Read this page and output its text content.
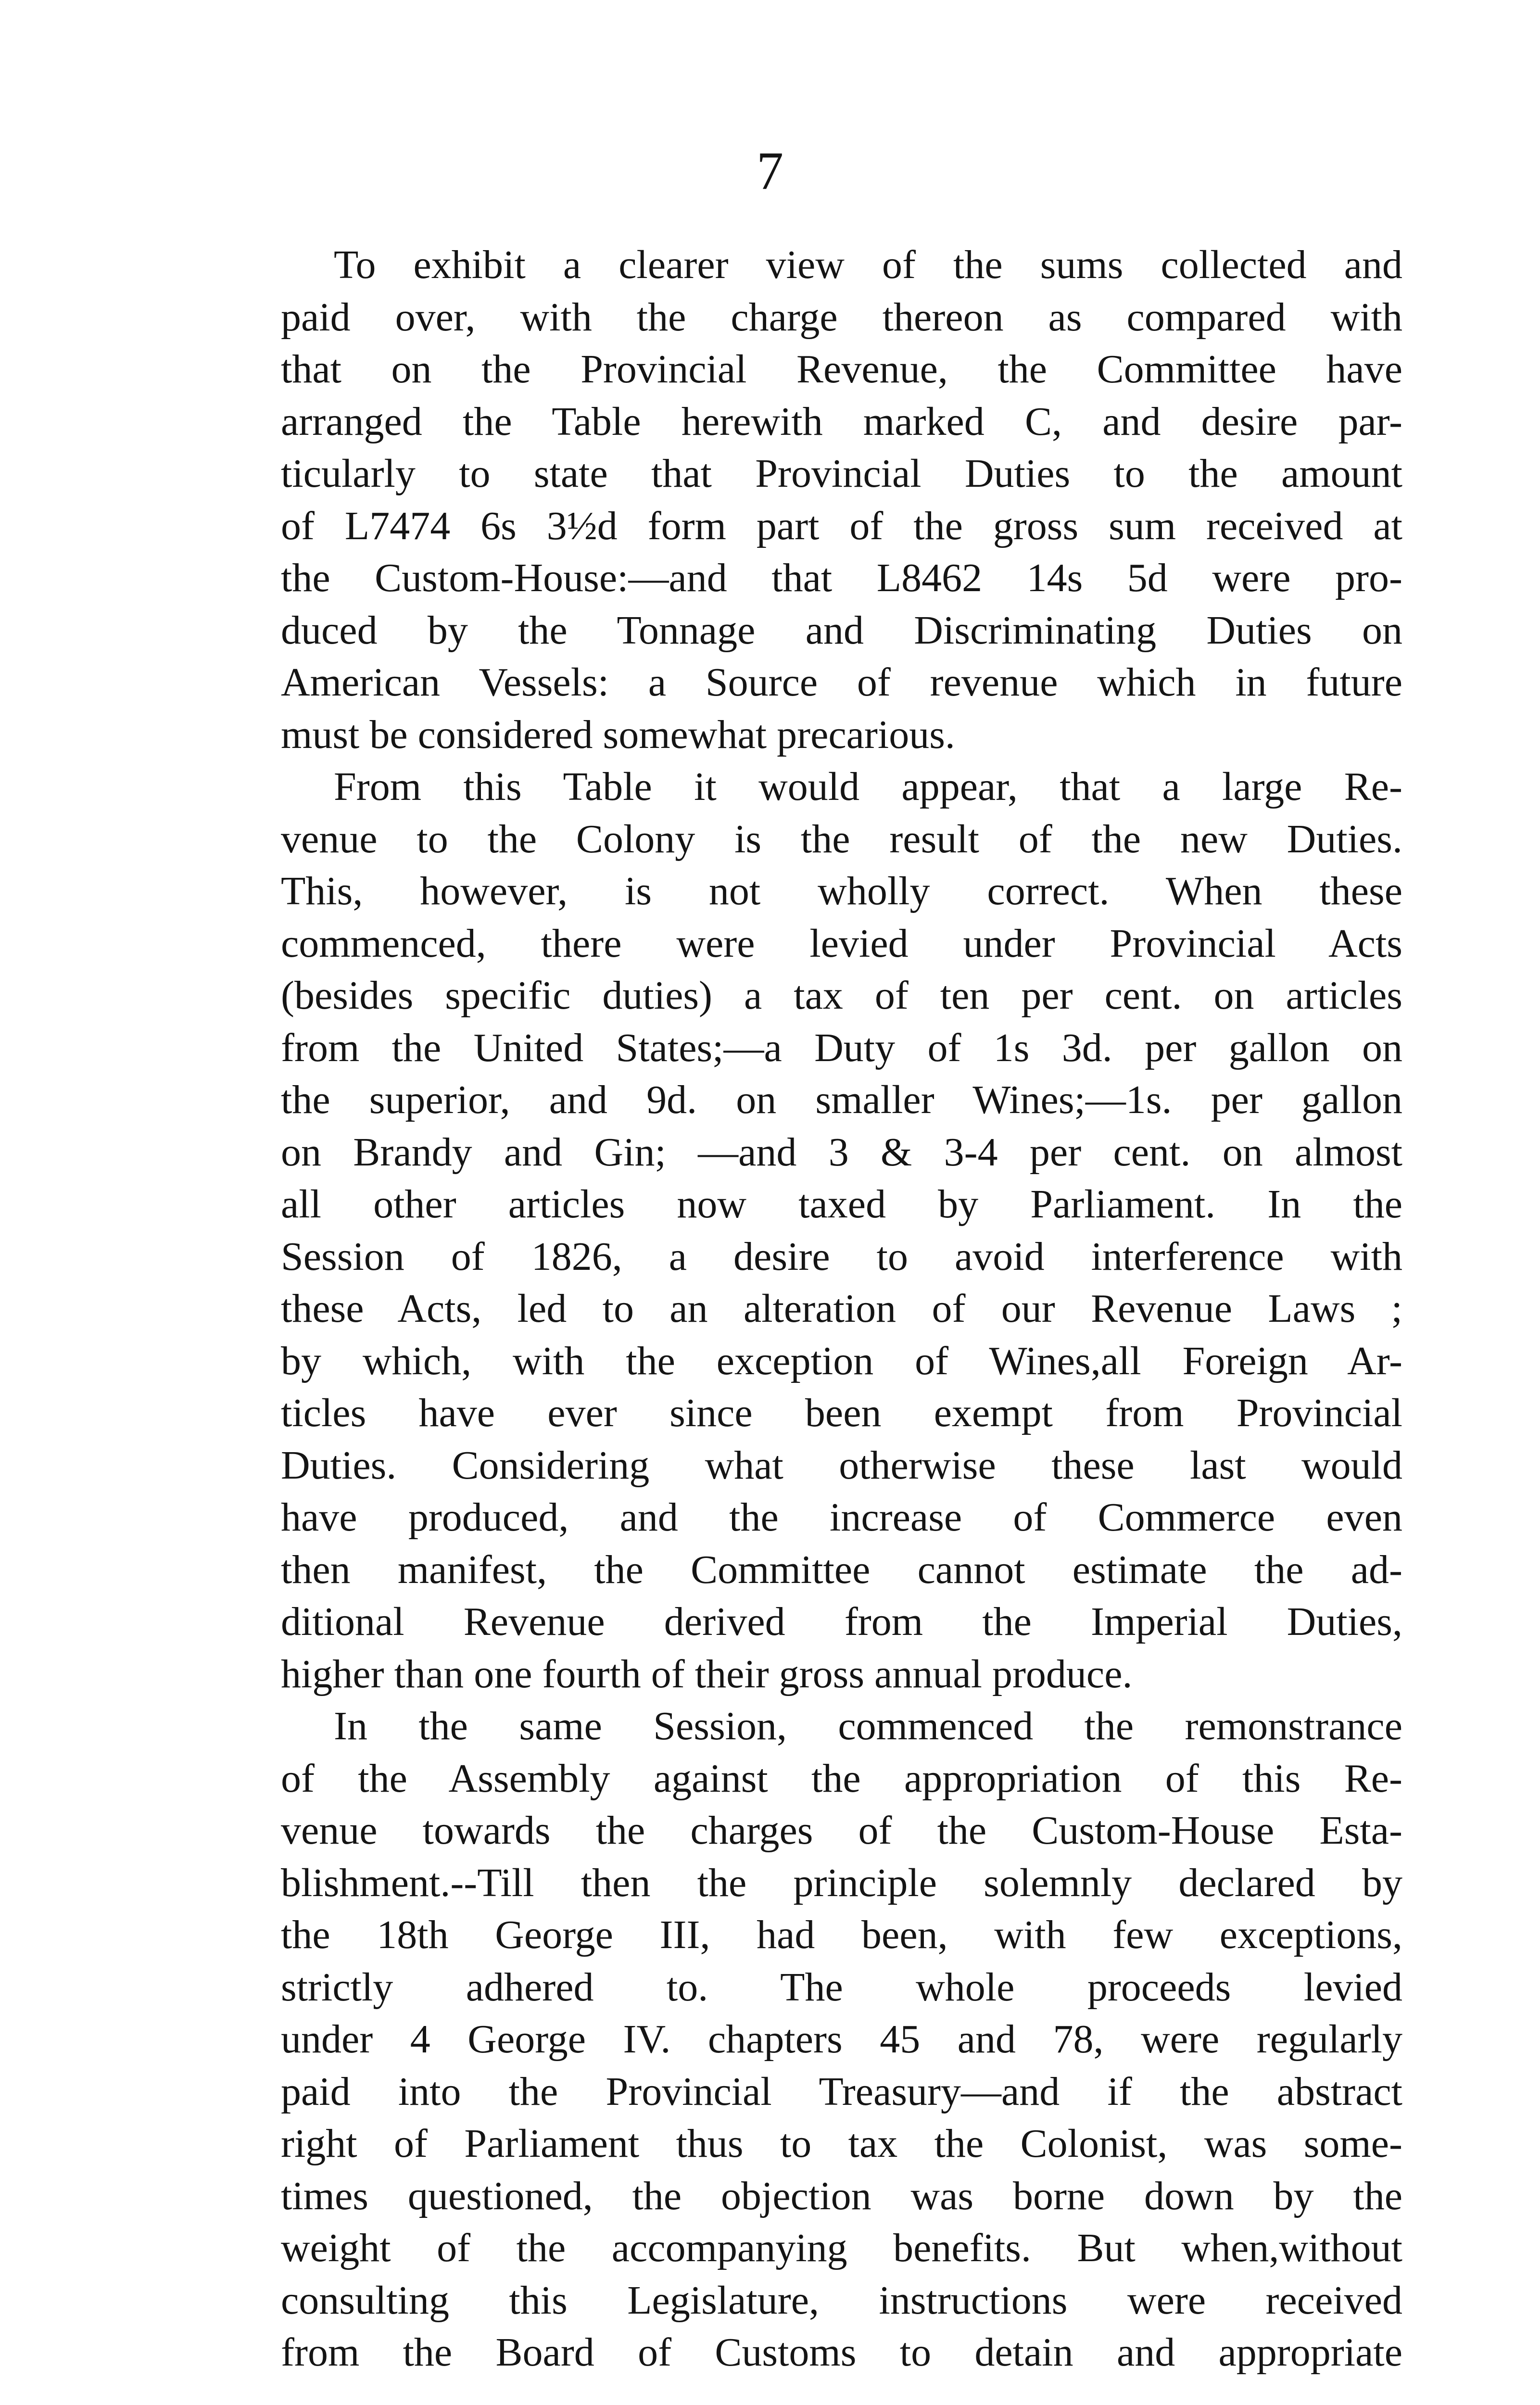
7
To exhibit a clearer view of the sums collected and
paid over, with the charge thereon as compared with
that on the Provincial Revenue, the Committee have
arranged the Table herewith marked C, and desire par-
ticularly to state that Provincial Duties to the amount
of L7474 6s 3½d form part of the gross sum received at
the Custom-House:—and that L8462 14s 5d were pro-
duced by the Tonnage and Discriminating Duties on
American Vessels: a Source of revenue which in future
must be considered somewhat precarious.
From this Table it would appear, that a large Re-
venue to the Colony is the result of the new Duties.
This, however, is not wholly correct. When these
commenced, there were levied under Provincial Acts
(besides specific duties) a tax of ten per cent. on articles
from the United States;—a Duty of 1s 3d. per gallon on
the superior, and 9d. on smaller Wines;—1s. per gallon
on Brandy and Gin; —and 3 & 3-4 per cent. on almost
all other articles now taxed by Parliament. In the
Session of 1826, a desire to avoid interference with
these Acts, led to an alteration of our Revenue Laws ;
by which, with the exception of Wines,all Foreign Ar-
ticles have ever since been exempt from Provincial
Duties. Considering what otherwise these last would
have produced, and the increase of Commerce even
then manifest, the Committee cannot estimate the ad-
ditional Revenue derived from the Imperial Duties,
higher than one fourth of their gross annual produce.
In the same Session, commenced the remonstrance
of the Assembly against the appropriation of this Re-
venue towards the charges of the Custom-House Esta-
blishment.--Till then the principle solemnly declared by
the 18th George III, had been, with few exceptions,
strictly adhered to. The whole proceeds levied
under 4 George IV. chapters 45 and 78, were regularly
paid into the Provincial Treasury—and if the abstract
right of Parliament thus to tax the Colonist, was some-
times questioned, the objection was borne down by the
weight of the accompanying benefits. But when,without
consulting this Legislature, instructions were received
from the Board of Customs to detain and appropriate
